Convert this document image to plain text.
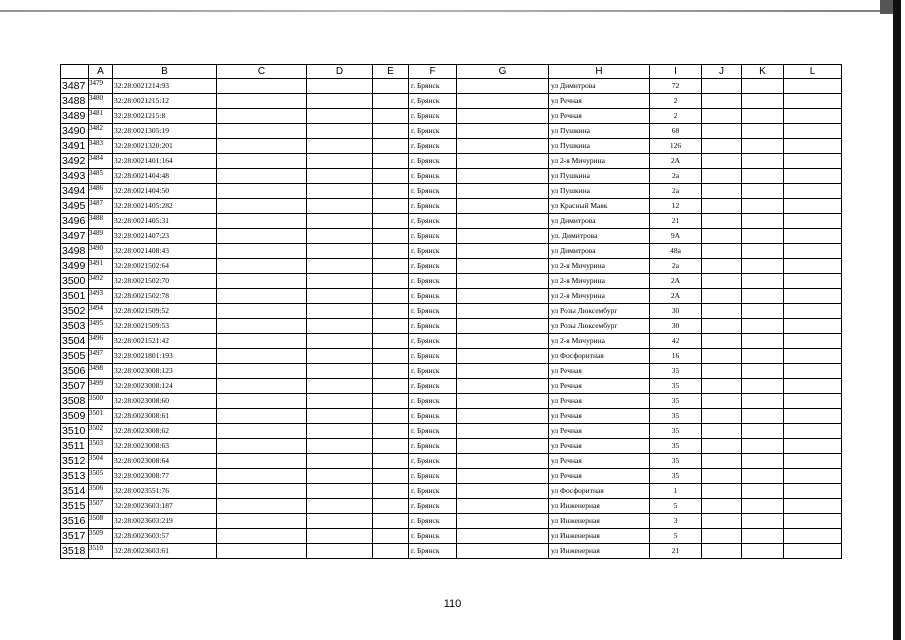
	A	B	C	D	E	F	G	H	I	J	K	L
3487	3479	32:28:0021214:93				г. Брянск		ул Димитрова	72			
3488	3480	32:28:0021215:12				г. Брянск		ул Речная	2			
3489	3481	32:28:0021215:8				г. Брянск		ул Речная	2			
3490	3482	32:28:0021305:19				г. Брянск		ул Пушкина	68			
3491	3483	32:28:0021320:201				г. Брянск		ул Пушкина	126			
3492	3484	32:28:0021401:164				г. Брянск		ул 2-я Мичурина	2А			
3493	3485	32:28:0021404:48				г. Брянск		ул Пушкина	2а			
3494	3486	32:28:0021404:50				г. Брянск		ул Пушкина	2а			
3495	3487	32:28:0021405:282				г. Брянск		ул Красный Маяк	12			
3496	3488	32:28:0021405:31				г. Брянск		ул Димитрова	21			
3497	3489	32:28:0021407:23				г. Брянск		ул. Димитрова	9А			
3498	3490	32:28:0021408:43				г. Брянск		ул Димитрова	48а			
3499	3491	32:28:0021502:64				г. Брянск		ул 2-я Мичурина	2а			
3500	3492	32:28:0021502:70				г. Брянск		ул 2-я Мичурина	2А			
3501	3493	32:28:0021502:78				г. Брянск		ул 2-я Мичурина	2А			
3502	3494	32:28:0021509:52				г. Брянск		ул Розы Люксембург	30			
3503	3495	32:28:0021509:53				г. Брянск		ул Розы Люксембург	30			
3504	3496	32:28:0021521:42				г. Брянск		ул 2-я Мичурина	42			
3505	3497	32:28:0021801:193				г. Брянск		ул Фосфоритная	16			
3506	3498	32:28:0023008:123				г. Брянск		ул Речная	35			
3507	3499	32:28:0023008:124				г. Брянск		ул Речная	35			
3508	3500	32:28:0023008:60				г. Брянск		ул Речная	35			
3509	3501	32:28:0023008:61				г. Брянск		ул Речная	35			
3510	3502	32:28:0023008:62				г. Брянск		ул Речная	35			
3511	3503	32:28:0023008:63				г. Брянск		ул Речная	35			
3512	3504	32:28:0023008:64				г. Брянск		ул Речная	35			
3513	3505	32:28:0023008:77				г. Брянск		ул Речная	35			
3514	3506	32:28:0023551:76				г. Брянск		ул Фосфоритная	1			
3515	3507	32:28:0023603:187				г. Брянск		ул Инженерная	5			
3516	3508	32:28:0023603:219				г. Брянск		ул Инженерная	3			
3517	3509	32:28:0023603:57				г. Брянск		ул Инженерная	5			
3518	3510	32:28:0023603:61				г. Брянск		ул Инженерная	21			
110
